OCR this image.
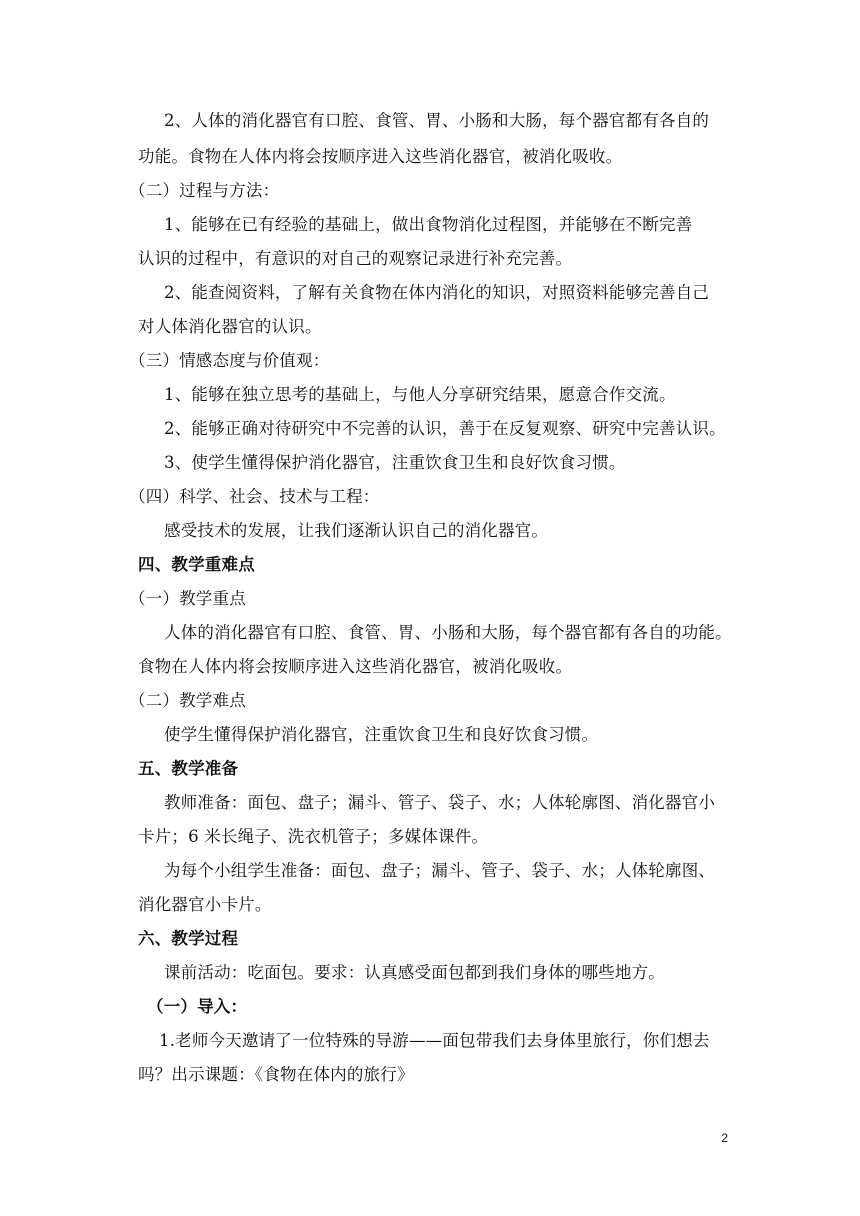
2、人体的消化器官有口腔、食管、胃、小肠和大肠，每个器官都有各自的
功能。食物在人体内将会按顺序进入这些消化器官，被消化吸收。
（二）过程与方法：
1、能够在已有经验的基础上，做出食物消化过程图，并能够在不断完善
认识的过程中，有意识的对自己的观察记录进行补充完善。
2、能查阅资料，了解有关食物在体内消化的知识，对照资料能够完善自己
对人体消化器官的认识。
（三）情感态度与价值观：
1、能够在独立思考的基础上，与他人分享研究结果，愿意合作交流。
2、能够正确对待研究中不完善的认识，善于在反复观察、研究中完善认识。
3、使学生懂得保护消化器官，注重饮食卫生和良好饮食习惯。
（四）科学、社会、技术与工程：
感受技术的发展，让我们逐渐认识自己的消化器官。
四、教学重难点
（一）教学重点
人体的消化器官有口腔、食管、胃、小肠和大肠，每个器官都有各自的功能。
食物在人体内将会按顺序进入这些消化器官，被消化吸收。
（二）教学难点
使学生懂得保护消化器官，注重饮食卫生和良好饮食习惯。
五、教学准备
教师准备：面包、盘子；漏斗、管子、袋子、水；人体轮廓图、消化器官小
卡片；6 米长绳子、洗衣机管子；多媒体课件。
为每个小组学生准备：面包、盘子；漏斗、管子、袋子、水；人体轮廓图、
消化器官小卡片。
六、教学过程
课前活动：吃面包。要求：认真感受面包都到我们身体的哪些地方。
（一）导入：
1.老师今天邀请了一位特殊的导游——面包带我们去身体里旅行，你们想去
吗？出示课题：《食物在体内的旅行》
2
